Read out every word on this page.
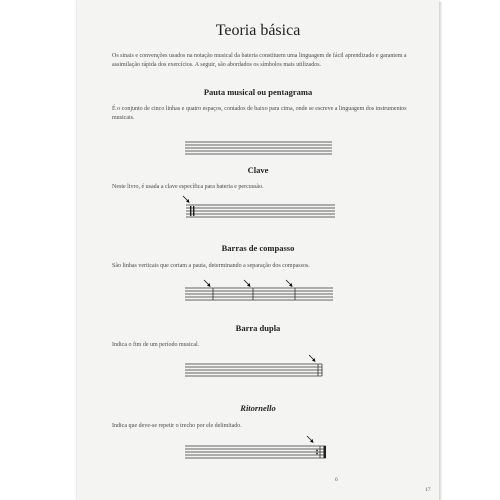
Teoria básica

Os sinais e convenções usados na notação musical da bateria constituem uma linguagem de fácil aprendizado e garantem a assimilação rápida dos exercícios. A seguir, são abordados os símbolos mais utilizados.

Pauta musical ou pentagrama

É o conjunto de cinco linhas e quatro espaços, contados de baixo para cima, onde se escreve a linguagem dos instrumentos musicais.

Clave

Neste livro, é usada a clave específica para bateria e percussão.

Barras de compasso

São linhas verticais que cortam a pauta, determinando a separação dos compassos.

Barra dupla

Indica o fim de um período musical.

Ritornello

Indica que deve-se repetir o trecho por ele delimitado.

6
17
